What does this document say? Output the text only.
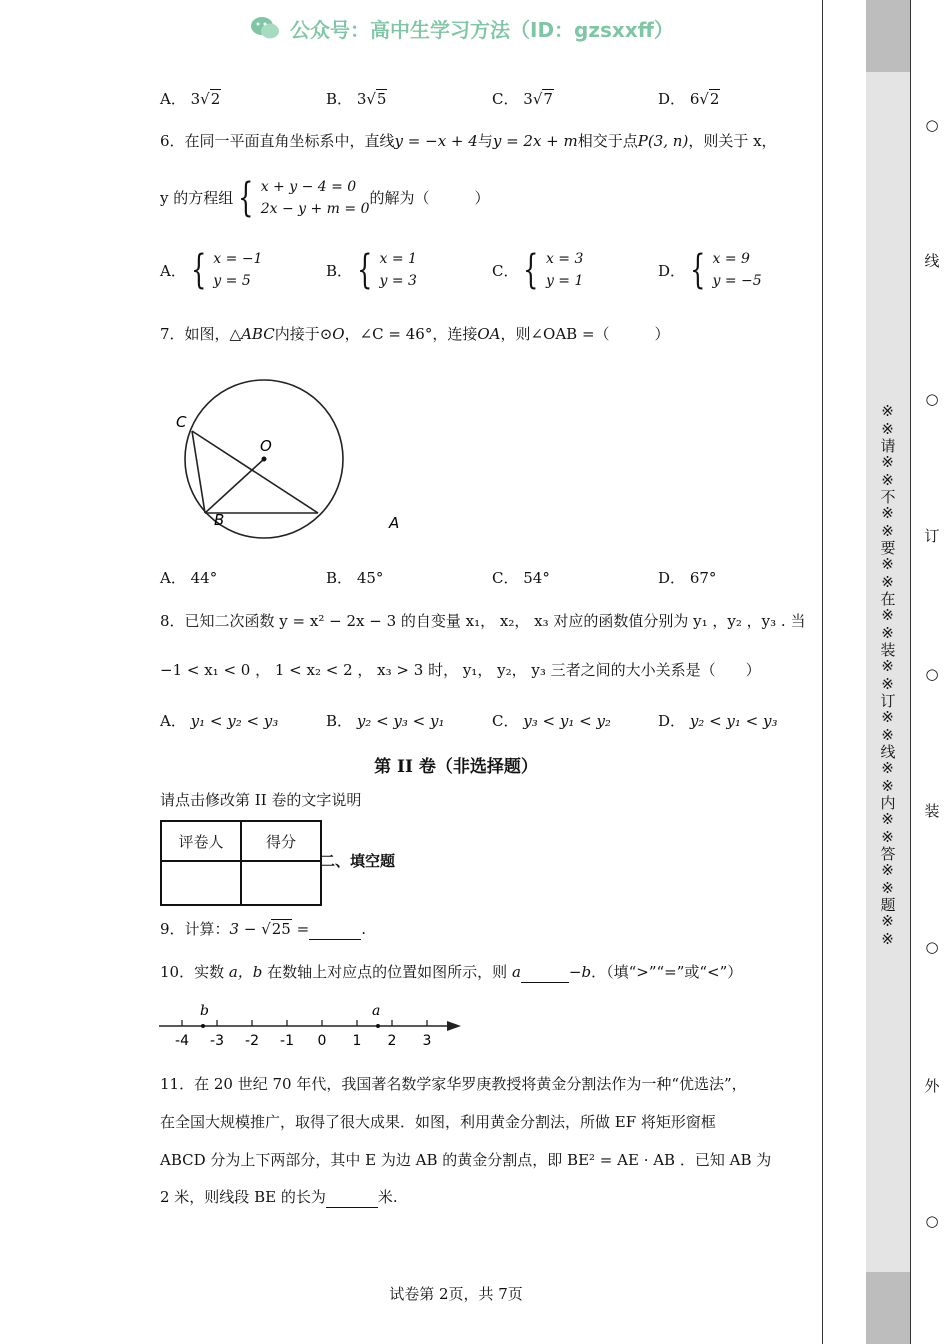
公众号：高中生学习方法（ID：gzsxxff）
A． 3√2	B． 3√5	C． 3√7	D． 6√2
6．在同一平面直角坐标系中，直线y = −x + 4与y = 2x + m相交于点P(3, n)，则关于 x，
y 的方程组 { x + y − 4 = 0
2x − y + m = 0
的解为（　　　）
A． { x = −1
y = 5
B． { x = 1
y = 3
C． { x = 3
y = 1
D． { x = 9
y = −5
7．如图，△ABC内接于⊙O，∠C = 46°，连接OA，则∠OAB =（　　　）
C
O
A
B
A． 44°	B． 45°	C． 54°	D． 67°
8．已知二次函数 y = x² − 2x − 3 的自变量 x₁， x₂， x₃ 对应的函数值分别为 y₁ ，y₂ ，y₃ . 当
−1 < x₁ < 0 ， 1 < x₂ < 2 ， x₃ > 3 时， y₁， y₂， y₃ 三者之间的大小关系是（　　）
A． y₁ < y₂ < y₃	B． y₂ < y₃ < y₁	C． y₃ < y₁ < y₂	D． y₂ < y₁ < y₃
第 II 卷（非选择题）
请点击修改第 II 卷的文字说明
评卷人	得分

二、填空题
9．计算：3 − √25 =	.
10．实数 a，b 在数轴上对应点的位置如图所示，则 a	−b．（填“>”“=”或“<”）
-4 -3 -2 -1 0 1 2 3
b	a
11．在 20 世纪 70 年代，我国著名数学家华罗庚教授将黄金分割法作为一种“优选法”，
在全国大规模推广，取得了很大成果．如图，利用黄金分割法，所做 EF 将矩形窗框
ABCD 分为上下两部分，其中 E 为边 AB 的黄金分割点，即 BE² = AE · AB ．已知 AB 为
2 米，则线段 BE 的长为	米.
试卷第 2页，共 7页
※※请※※不※※要※※在※※装※※订※※线※※内※※答※※题※※
○
线
○
订
○
装
○
外
○
